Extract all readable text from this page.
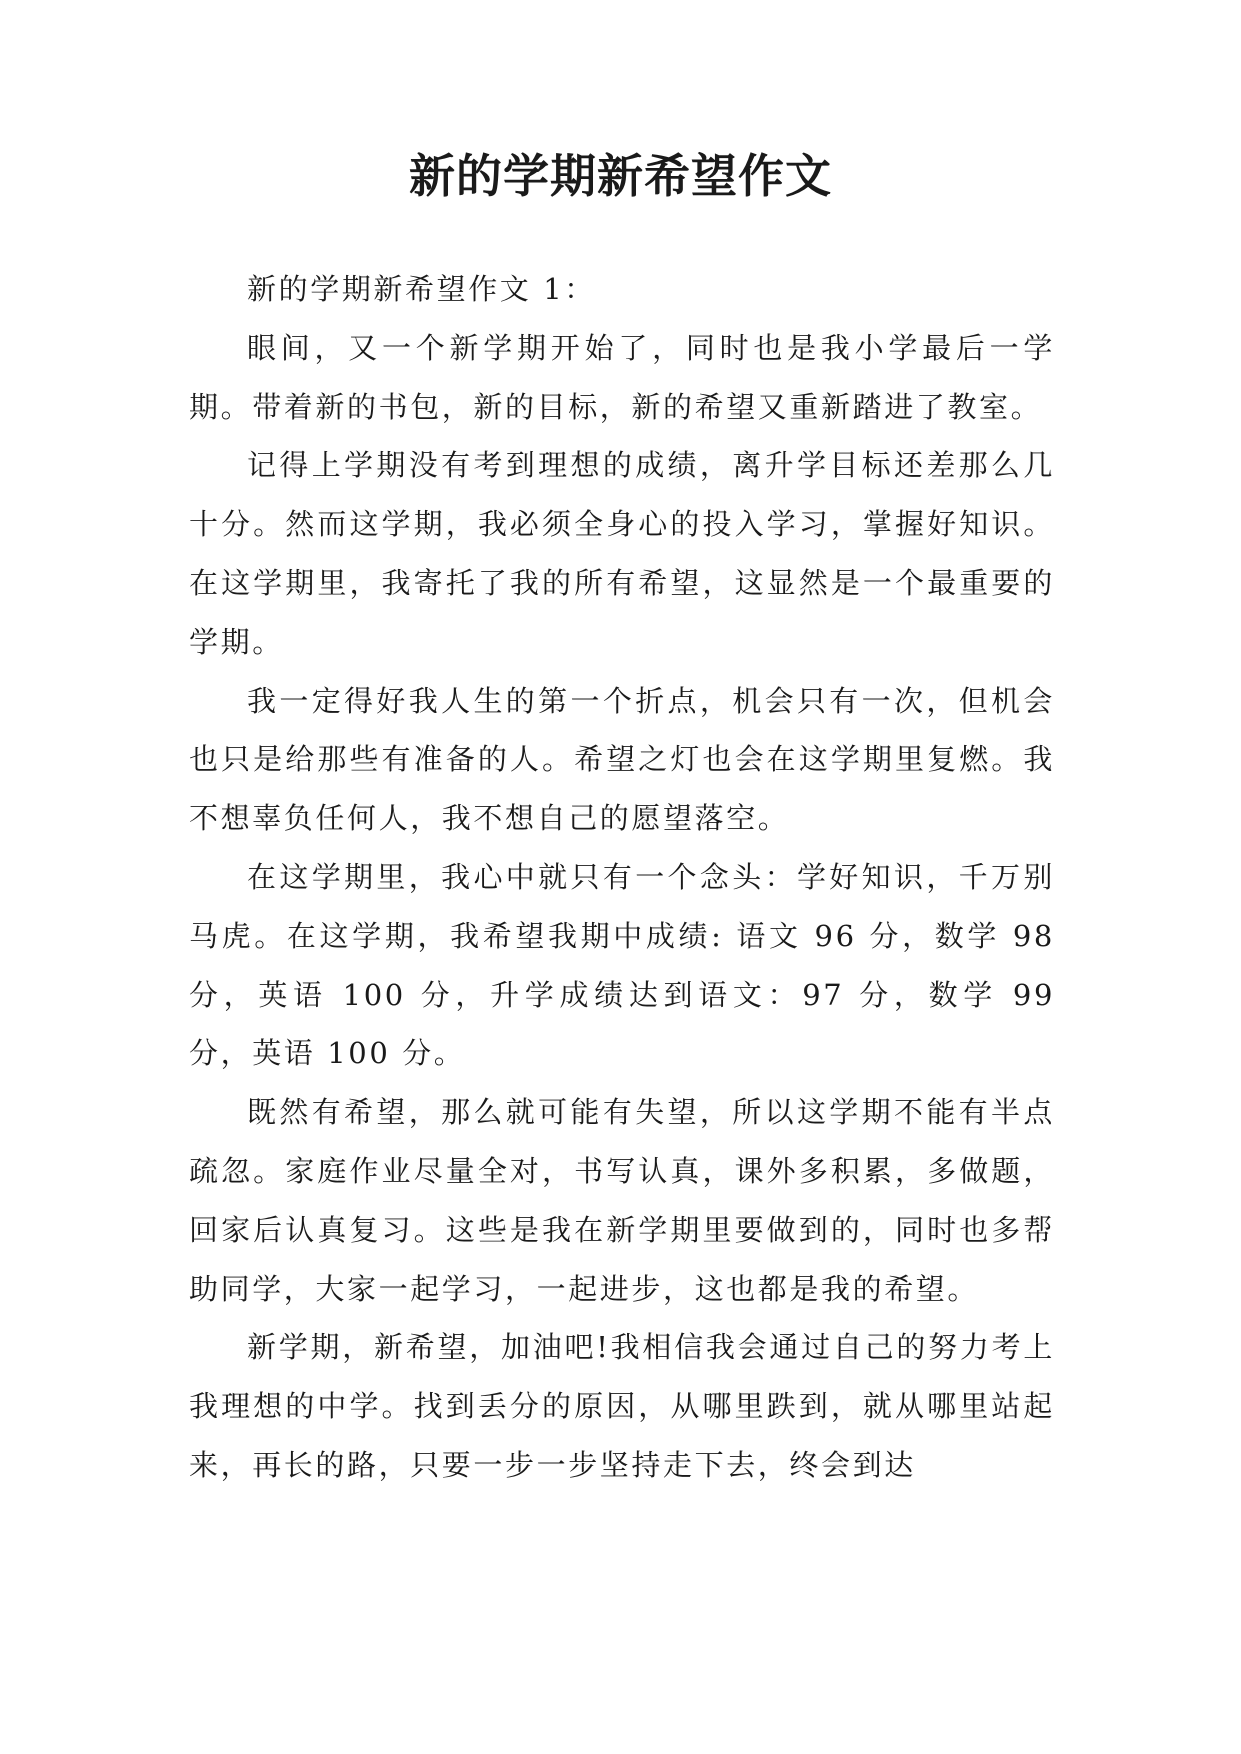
新的学期新希望作文

新的学期新希望作文 1：

眼间，又一个新学期开始了，同时也是我小学最后一学期。带着新的书包，新的目标，新的希望又重新踏进了教室。

记得上学期没有考到理想的成绩，离升学目标还差那么几十分。然而这学期，我必须全身心的投入学习，掌握好知识。在这学期里，我寄托了我的所有希望，这显然是一个最重要的学期。

我一定得好我人生的第一个折点，机会只有一次，但机会也只是给那些有准备的人。希望之灯也会在这学期里复燃。我不想辜负任何人，我不想自己的愿望落空。

在这学期里，我心中就只有一个念头：学好知识，千万别马虎。在这学期，我希望我期中成绩: 语文 96 分，数学 98 分，英语 100 分，升学成绩达到语文：97 分，数学 99 分，英语 100 分。

既然有希望，那么就可能有失望，所以这学期不能有半点疏忽。家庭作业尽量全对，书写认真，课外多积累，多做题，回家后认真复习。这些是我在新学期里要做到的，同时也多帮助同学，大家一起学习，一起进步，这也都是我的希望。

新学期，新希望，加油吧!我相信我会通过自己的努力考上我理想的中学。找到丢分的原因，从哪里跌到，就从哪里站起来，再长的路，只要一步一步坚持走下去，终会到达
